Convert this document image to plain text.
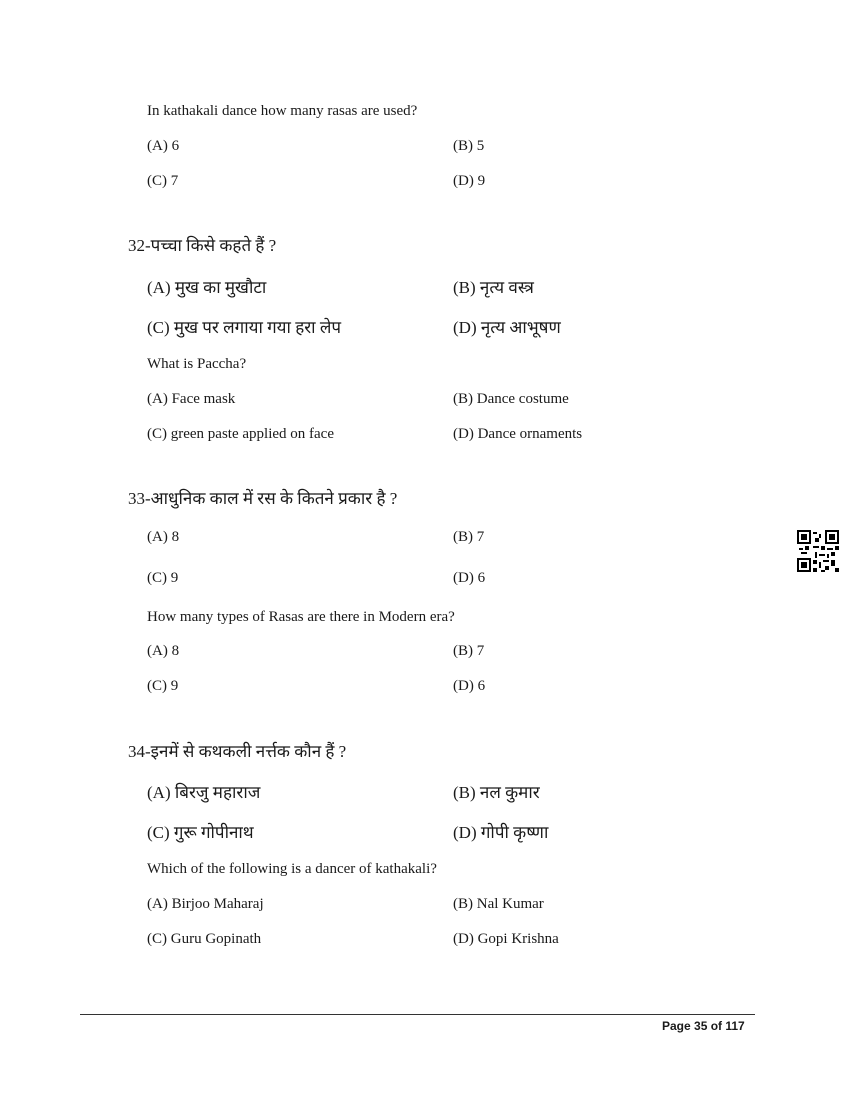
In kathakali dance how many rasas are used?
(A) 6	(B) 5
(C) 7	(D) 9
32-पच्चा किसे कहते हैं ?
(A) मुख का मुखौटा	(B) नृत्य वस्त्र
(C) मुख पर लगाया गया हरा लेप	(D) नृत्य आभूषण
What is Paccha?
(A) Face mask	(B) Dance costume
(C) green paste applied on face	(D) Dance ornaments
33-आधुनिक काल में रस के कितने प्रकार है ?
(A) 8	(B) 7
(C) 9	(D) 6
How many types of Rasas are there in Modern era?
(A) 8	(B) 7
(C) 9	(D) 6
34-इनमें से कथकली नर्त्तक कौन हैं ?
(A) बिरजु महाराज	(B) नल कुमार
(C) गुरू गोपीनाथ	(D) गोपी कृष्णा
Which of the following is a dancer of kathakali?
(A) Birjoo Maharaj	(B) Nal Kumar
(C) Guru Gopinath	(D) Gopi Krishna
Page 35 of 117
